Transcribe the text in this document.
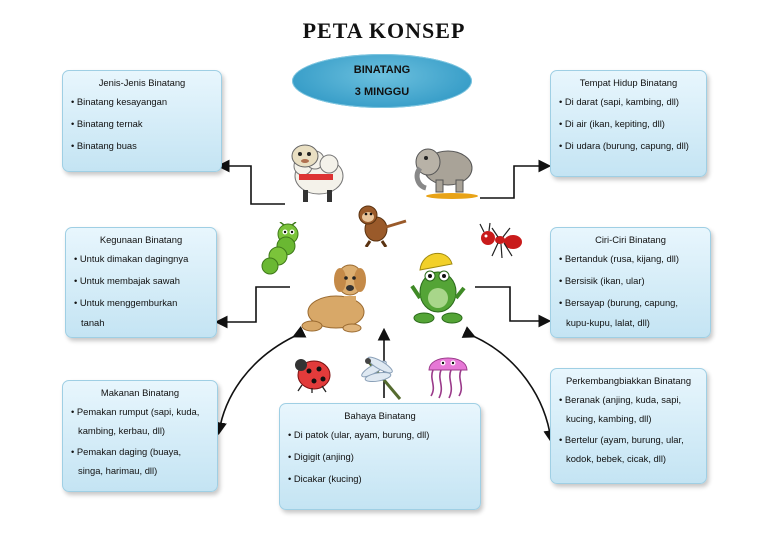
PETA KONSEP
BINATANG
3 MINGGU
Jenis-Jenis Binatang
• Binatang kesayangan
• Binatang ternak
• Binatang buas
Kegunaan Binatang
• Untuk dimakan dagingnya
• Untuk membajak sawah
• Untuk menggemburkan
tanah
Makanan Binatang
• Pemakan rumput (sapi, kuda,
kambing, kerbau, dll)
• Pemakan daging (buaya,
singa, harimau, dll)
Bahaya Binatang
• Di patok (ular, ayam, burung, dll)
• Digigit (anjing)
• Dicakar (kucing)
Tempat Hidup Binatang
• Di darat (sapi, kambing, dll)
• Di air (ikan, kepiting, dll)
• Di udara (burung, capung, dll)
Ciri-Ciri Binatang
• Bertanduk (rusa, kijang, dll)
• Bersisik (ikan, ular)
• Bersayap (burung, capung,
kupu-kupu, lalat, dll)
Perkembangbiakkan Binatang
• Beranak (anjing, kuda, sapi,
kucing, kambing, dll)
• Bertelur (ayam, burung, ular,
kodok, bebek, cicak, dll)
